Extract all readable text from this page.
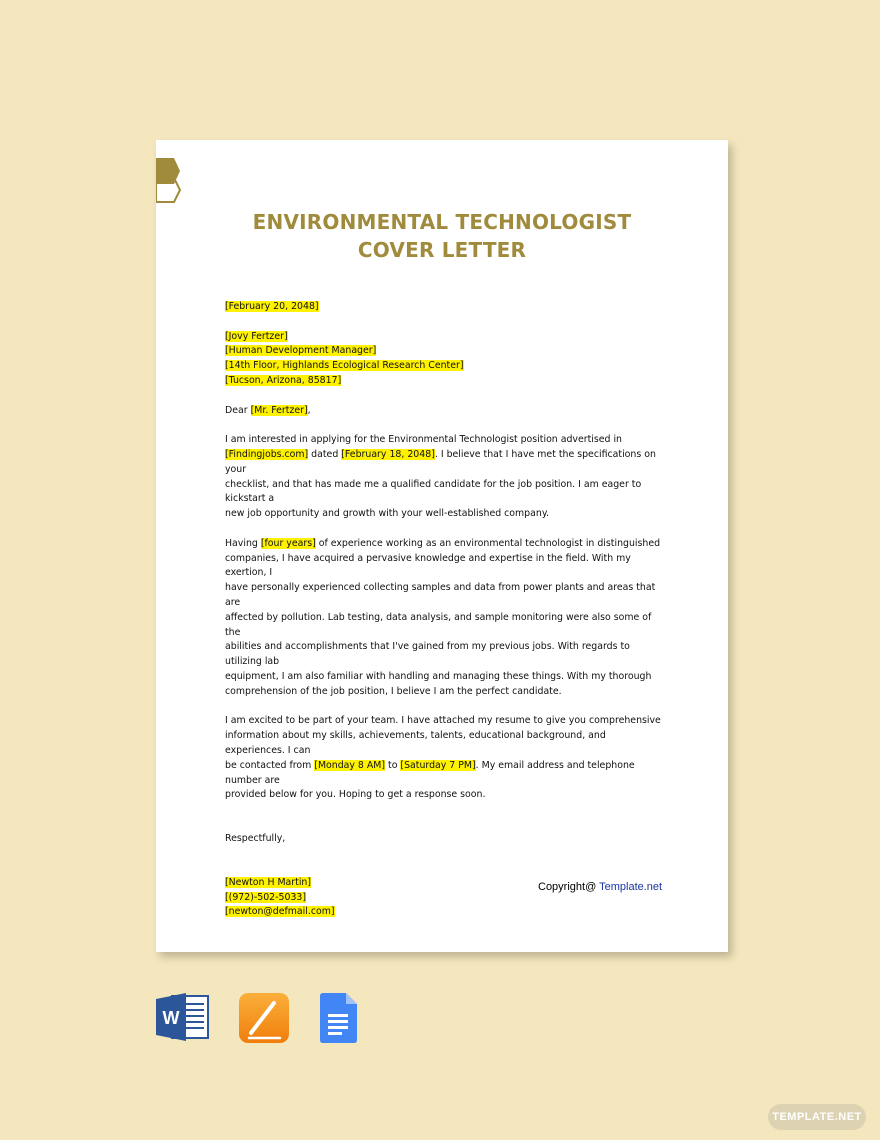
ENVIRONMENTAL TECHNOLOGIST
COVER LETTER

[February 20, 2048]

[Jovy Fertzer]

[Human Development Manager]

[14th Floor, Highlands Ecological Research Center]

[Tucson, Arizona, 85817]

Dear [Mr. Fertzer],

I am interested in applying for the Environmental Technologist position advertised in

[Findingjobs.com] dated [February 18, 2048]. I believe that I have met the specifications on your

checklist, and that has made me a qualified candidate for the job position. I am eager to kickstart a

new job opportunity and growth with your well-established company.

Having [four years] of experience working as an environmental technologist in distinguished

companies, I have acquired a pervasive knowledge and expertise in the field. With my exertion, I

have personally experienced collecting samples and data from power plants and areas that are

affected by pollution. Lab testing, data analysis, and sample monitoring were also some of the

abilities and accomplishments that I've gained from my previous jobs. With regards to utilizing lab

equipment, I am also familiar with handling and managing these things. With my thorough

comprehension of the job position, I believe I am the perfect candidate.

I am excited to be part of your team. I have attached my resume to give you comprehensive

information about my skills, achievements, talents, educational background, and experiences. I can

be contacted from [Monday 8 AM] to [Saturday 7 PM]. My email address and telephone number are

provided below for you. Hoping to get a response soon.

Respectfully,

[Newton H Martin]

[(972)-502-5033]

[newton@defmail.com]

Copyright@ Template.net
W
TEMPLATE.NET
